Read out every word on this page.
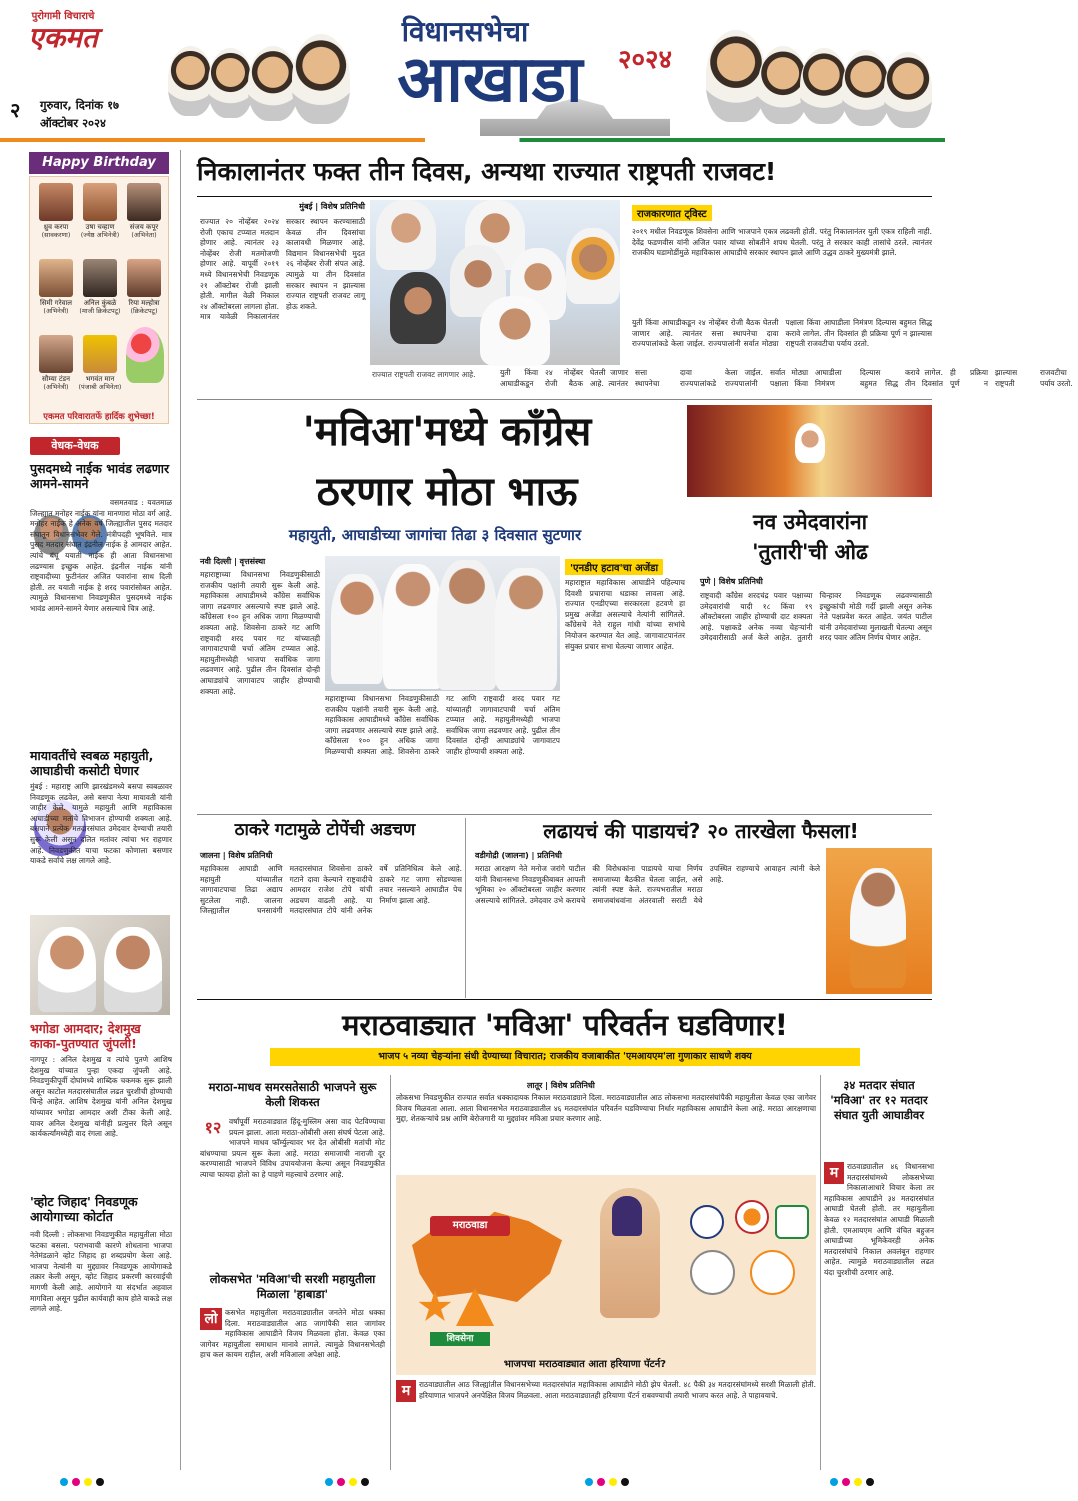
पुरोगामी विचाराचे
एकमत	विधानसभेचा
आखाडा	२०२४
२	गुरुवार, दिनांक १७
ऑक्टोबर २०२४
Happy Birthday
ध्रुव करपा
(सावकरणा)
उषा चव्हाण
(ज्येष्ठ अभिनेत्री)
संजय कपूर
(अभिनेता)
सिमी गरेवाल
(अभिनेत्री)
अनिल कुंबळे
(माजी क्रिकेटपटू)
रिया मल्होत्रा
(क्रिकेटपटू)
सौम्या टंडन
(अभिनेत्री)
भगवंत मान
(पंजाबी अभिनेता)
एकमत परिवारातर्फे हार्दिक शुभेच्छा!
वेधक-वेधक
पुसदमध्ये नाईक भावंड लढणार आमने-सामने
वसमतवाड : यवतमाळ जिल्ह्यात मनोहर नाईक यांना मानणारा मोठा वर्ग आहे. मनोहर नाईक हे अनेक वर्ष जिल्ह्यातील पुसद मतदार संघातून विधानसभेवर गेले. मंत्रीपदही भूषविले. मात्र पुसद मतदार संघात इंद्रनील नाईक हे आमदार आहेत. त्यांचे बंधू ययाती नाईक ही आता विधानसभा लढण्यास इच्छुक आहेत. इंद्रनील नाईक यांनी राष्ट्रवादीच्या फुटीनंतर अजित पवारांना साथ दिली होती. तर ययाती नाईक हे शरद पवारांसोबत आहेत. त्यामुळे विधानसभा निवडणुकीत पुसदमध्ये नाईक भावंड आमने-सामने येणार असल्याचे चित्र आहे.
मायावतींचे स्वबळ महायुती, आघाडीची कसोटी घेणार
मुंबई : महाराष्ट्र आणि झारखंडमध्ये बसपा स्वबळावर निवडणूक लढवेल, असे बसपा नेत्या मायावती यांनी जाहीर केले. यामुळे महायुती आणि महाविकास आघाडीच्या मतांचे विभाजन होण्याची शक्यता आहे. बसपाने प्रत्येक मतदारसंघात उमेदवार देण्याची तयारी सुरू केली असून दलित मतांवर त्यांचा भर राहणार आहे. निवडणुकीत याचा फटका कोणाला बसणार याकडे सर्वांचे लक्ष लागले आहे.
भगोडा आमदार; देशमुख काका-पुतण्यात जुंपली!
नागपूर : अनिल देशमुख व त्यांचे पुतणे आशिष देशमुख यांच्यात पुन्हा एकदा जुंपली आहे. निवडणुकीपूर्वी दोघांमध्ये शाब्दिक चकमक सुरू झाली असून काटोल मतदारसंघातील लढत चुरशीची होण्याची चिन्हे आहेत. आशिष देशमुख यांनी अनिल देशमुख यांच्यावर भगोडा आमदार अशी टीका केली आहे. यावर अनिल देशमुख यांनीही प्रत्युत्तर दिले असून कार्यकर्त्यांमध्येही वाद रंगला आहे.
'व्होट जिहाद' निवडणूक आयोगाच्या कोर्टात
नवी दिल्ली : लोकसभा निवडणुकीत महायुतीला मोठा फटका बसला. पराभवाची कारणे शोधताना भाजपा नेतेमंडळाने व्होट जिहाद हा शब्दप्रयोग केला आहे. भाजपा नेत्यांनी या मुद्द्यावर निवडणूक आयोगाकडे तक्रार केली असून, व्होट जिहाद प्रकरणी कारवाईची मागणी केली आहे. आयोगाने या संदर्भात अहवाल मागविला असून पुढील कार्यवाही काय होते याकडे लक्ष लागले आहे.
निकालानंतर फक्त तीन दिवस, अन्यथा राज्यात राष्ट्रपती राजवट!
मुंबई | विशेष प्रतिनिधी
राज्यात २० नोव्हेंबर २०२४ रोजी एकाच टप्प्यात मतदान होणार आहे. त्यानंतर २३ नोव्हेंबर रोजी मतमोजणी होणार आहे. यापूर्वी २०१९ मध्ये विधानसभेची निवडणूक २१ ऑक्टोबर रोजी झाली होती. मागील वेळी निकाल २४ ऑक्टोबरला लागला होता. मात्र यावेळी निकालानंतर सरकार स्थापन करण्यासाठी केवळ तीन दिवसांचा कालावधी मिळणार आहे. विद्यमान विधानसभेची मुदत २६ नोव्हेंबर रोजी संपत आहे. त्यामुळे या तीन दिवसांत सरकार स्थापन न झाल्यास राज्यात राष्ट्रपती राजवट लागू होऊ शकते.
राज्यात राष्ट्रपती राजवट लागणार आहे.	युती किंवा आघाडीकडून २४ नोव्हेंबर रोजी बैठक घेतली जाणार आहे. त्यानंतर सत्ता स्थापनेचा दावा राज्यपालांकडे केला जाईल. राज्यपालांनी सर्वात मोठ्या पक्षाला किंवा आघाडीला निमंत्रण दिल्यास बहुमत सिद्ध करावे लागेल. तीन दिवसांत ही प्रक्रिया पूर्ण न झाल्यास राष्ट्रपती राजवटीचा पर्याय उरतो.
राजकारणात ट्विस्ट
२०१९ मधील निवडणूक शिवसेना आणि भाजपाने एकत्र लढवली होती. परंतु निकालानंतर युती एकत्र राहिली नाही. देवेंद्र फडणवीस यांनी अजित पवार यांच्या सोबतीने शपथ घेतली. परंतु ते सरकार काही तासांचे ठरले. त्यानंतर राजकीय घडामोडींमुळे महाविकास आघाडीचे सरकार स्थापन झाले आणि उद्धव ठाकरे मुख्यमंत्री झाले.
युती किंवा आघाडीकडून २४ नोव्हेंबर रोजी बैठक घेतली जाणार आहे. त्यानंतर सत्ता स्थापनेचा दावा राज्यपालांकडे केला जाईल. राज्यपालांनी सर्वात मोठ्या पक्षाला किंवा आघाडीला निमंत्रण दिल्यास बहुमत सिद्ध करावे लागेल. तीन दिवसांत ही प्रक्रिया पूर्ण न झाल्यास राष्ट्रपती राजवटीचा पर्याय उरतो.
'मविआ'मध्ये काँग्रेस
ठरणार मोठा भाऊ
महायुती, आघाडीच्या जागांचा तिढा ३ दिवसात सुटणार
नव उमेदवारांना
'तुतारी'ची ओढ
नवी दिल्ली | वृत्तसंस्था
महाराष्ट्राच्या विधानसभा निवडणुकीसाठी राजकीय पक्षांनी तयारी सुरू केली आहे. महाविकास आघाडीमध्ये काँग्रेस सर्वाधिक जागा लढवणार असल्याचे स्पष्ट झाले आहे. काँग्रेसला १०० हून अधिक जागा मिळण्याची शक्यता आहे. शिवसेना ठाकरे गट आणि राष्ट्रवादी शरद पवार गट यांच्यातही जागावाटपाची चर्चा अंतिम टप्प्यात आहे. महायुतीमध्येही भाजपा सर्वाधिक जागा लढवणार आहे. पुढील तीन दिवसांत दोन्ही आघाड्यांचे जागावाटप जाहीर होण्याची शक्यता आहे.
महाराष्ट्राच्या विधानसभा निवडणुकीसाठी राजकीय पक्षांनी तयारी सुरू केली आहे. महाविकास आघाडीमध्ये काँग्रेस सर्वाधिक जागा लढवणार असल्याचे स्पष्ट झाले आहे. काँग्रेसला १०० हून अधिक जागा मिळण्याची शक्यता आहे. शिवसेना ठाकरे गट आणि राष्ट्रवादी शरद पवार गट यांच्यातही जागावाटपाची चर्चा अंतिम टप्प्यात आहे. महायुतीमध्येही भाजपा सर्वाधिक जागा लढवणार आहे. पुढील तीन दिवसांत दोन्ही आघाड्यांचे जागावाटप जाहीर होण्याची शक्यता आहे.
'एनडीए हटाव'चा अजेंडा
महाराष्ट्रात महाविकास आघाडीने पहिल्याच दिवशी प्रचाराचा धडाका लावला आहे. राज्यात एनडीएच्या सरकारला हटवणे हा प्रमुख अजेंडा असल्याचे नेत्यांनी सांगितले. काँग्रेसचे नेते राहुल गांधी यांच्या सभांचे नियोजन करण्यात येत आहे. जागावाटपानंतर संयुक्त प्रचार सभा घेतल्या जाणार आहेत.
पुणे | विशेष प्रतिनिधी
राष्ट्रवादी काँग्रेस शरदचंद्र पवार पक्षाच्या उमेदवारांची यादी १८ किंवा १९ ऑक्टोबरला जाहीर होण्याची दाट शक्यता आहे. पक्षाकडे अनेक नव्या चेहऱ्यांनी उमेदवारीसाठी अर्ज केले आहेत. तुतारी चिन्हावर निवडणूक लढवण्यासाठी इच्छुकांची मोठी गर्दी झाली असून अनेक नेते पक्षप्रवेश करत आहेत. जयंत पाटील यांनी उमेदवारांच्या मुलाखती घेतल्या असून शरद पवार अंतिम निर्णय घेणार आहेत.
ठाकरे गटामुळे टोपेंची अडचण
जालना | विशेष प्रतिनिधी
महाविकास आघाडी आणि महायुती यांच्यातील जागावाटपाचा तिढा अद्याप सुटलेला नाही. जालना जिल्ह्यातील घनसावंगी मतदारसंघात शिवसेना ठाकरे गटाने दावा केल्याने राष्ट्रवादीचे आमदार राजेश टोपे यांची अडचण वाढली आहे. या मतदारसंघात टोपे यांनी अनेक वर्षे प्रतिनिधित्व केले आहे. ठाकरे गट जागा सोडण्यास तयार नसल्याने आघाडीत पेच निर्माण झाला आहे.
लढायचं की पाडायचं? २० तारखेला फैसला!
वडीगोद्री (जालना) | प्रतिनिधी
मराठा आरक्षण नेते मनोज जरांगे पाटील यांनी विधानसभा निवडणुकीबाबत आपली भूमिका २० ऑक्टोबरला जाहीर करणार असल्याचे सांगितले. उमेदवार उभे करायचे की विरोधकांना पाडायचे याचा निर्णय समाजाच्या बैठकीत घेतला जाईल, असे त्यांनी स्पष्ट केले. राज्यभरातील मराठा समाजबांधवांना अंतरवाली सराटी येथे उपस्थित राहण्याचे आवाहन त्यांनी केले आहे.
मराठवाड्यात 'मविआ' परिवर्तन घडविणार!
भाजप ५ नव्या चेहऱ्यांना संधी देण्याच्या विचारात; राजकीय वजाबाकीत 'एमआयएम'ला गुणाकार साधणे शक्य
मराठा-माधव समरसतेसाठी भाजपने सुरू केली शिकस्त
१२	वर्षांपूर्वी मराठवाड्यात हिंदू-मुस्लिम असा वाद पेटविण्याचा प्रयत्न झाला. आता मराठा-ओबीसी असा संघर्ष पेटला आहे. भाजपने माधव फॉर्म्युल्यावर भर देत ओबीसी मतांची मोट बांधण्याचा प्रयत्न सुरू केला आहे. मराठा समाजाची नाराजी दूर करण्यासाठी भाजपने विविध उपाययोजना केल्या असून निवडणुकीत त्याचा फायदा होतो का हे पाहणे महत्त्वाचे ठरणार आहे.
लोकसभेत 'मविआ'ची सरशी महायुतीला मिळाला 'हाबाडा'
लो	कसभेत महायुतीला मराठवाड्यातील जनतेने मोठा धक्का दिला. मराठवाड्यातील आठ जागांपैकी सात जागांवर महाविकास आघाडीने विजय मिळवला होता. केवळ एका जागेवर महायुतीला समाधान मानावे लागले. त्यामुळे विधानसभेतही हाच कल कायम राहील, अशी मविआला अपेक्षा आहे.
लातूर | विशेष प्रतिनिधी
लोकसभा निवडणुकीत राज्यात सर्वात धक्कादायक निकाल मराठवाड्याने दिला. मराठवाड्यातील आठ लोकसभा मतदारसंघांपैकी महायुतीला केवळ एका जागेवर विजय मिळवता आला. आता विधानसभेत मराठवाड्यातील ४६ मतदारसंघांत परिवर्तन घडविण्याचा निर्धार महाविकास आघाडीने केला आहे. मराठा आरक्षणाचा मुद्दा, शेतकऱ्यांचे प्रश्न आणि बेरोजगारी या मुद्द्यांवर मविआ प्रचार करणार आहे.
मराठवाडा
शिवसेना
भाजपचा मराठवाड्यात आता हरियाणा पॅटर्न?
म	राठवाड्यातील आठ जिल्ह्यांतील विधानसभेच्या मतदारसंघांत महाविकास आघाडीने मोठी झेप घेतली. ४८ पैकी ३४ मतदारसंघांमध्ये सरशी मिळाली होती. हरियाणात भाजपने अनपेक्षित विजय मिळवला. आता मराठवाड्यातही हरियाणा पॅटर्न राबवण्याची तयारी भाजप करत आहे. ते पाहावयाचे.
३४ मतदार संघात 'मविआ' तर १२ मतदार संघात युती आघाडीवर
म	राठवाड्यातील ४६ विधानसभा मतदारसंघांमध्ये लोकसभेच्या निकालाआधारे विचार केला तर महाविकास आघाडीने ३४ मतदारसंघांत आघाडी घेतली होती. तर महायुतीला केवळ १२ मतदारसंघांत आघाडी मिळाली होती. एमआयएम आणि वंचित बहुजन आघाडीच्या भूमिकेवरही अनेक मतदारसंघांचे निकाल अवलंबून राहणार आहेत. त्यामुळे मराठवाड्यातील लढत यंदा चुरशीची ठरणार आहे.
